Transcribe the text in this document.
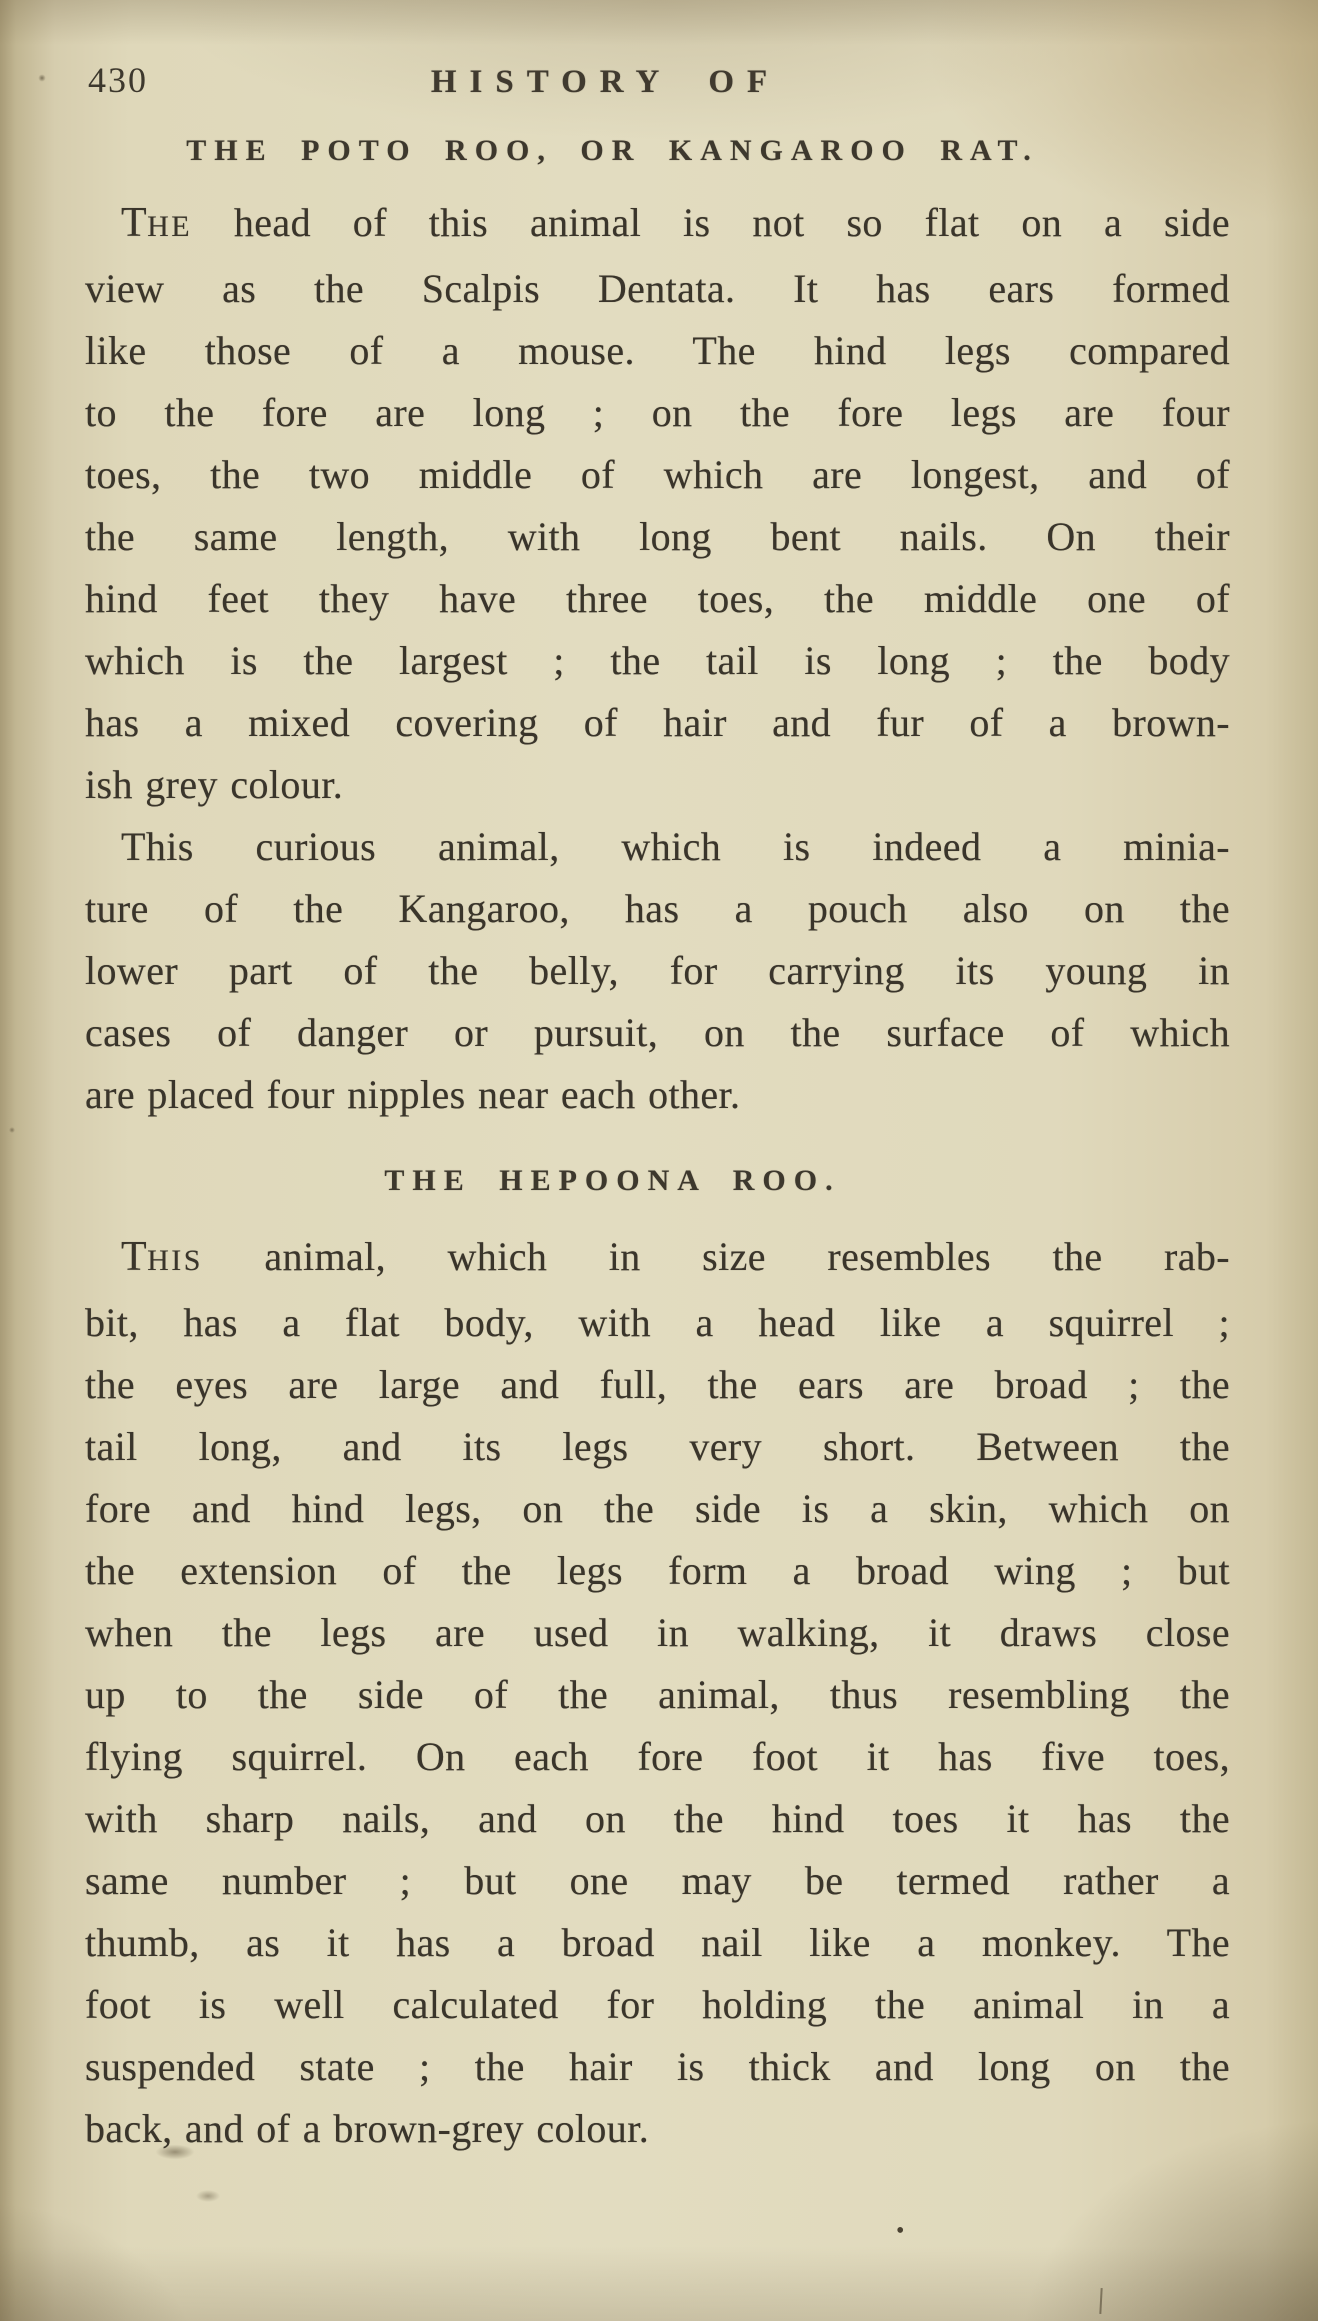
430	HISTORY OF
THE POTO ROO, OR KANGAROO RAT.
THE head of this animal is not so flat on a side
view as the Scalpis Dentata. It has ears formed
like those of a mouse. The hind legs compared
to the fore are long ; on the fore legs are four
toes, the two middle of which are longest, and of
the same length, with long bent nails. On their
hind feet they have three toes, the middle one of
which is the largest ; the tail is long ; the body
has a mixed covering of hair and fur of a brown-
ish grey colour.
This curious animal, which is indeed a minia-
ture of the Kangaroo, has a pouch also on the
lower part of the belly, for carrying its young in
cases of danger or pursuit, on the surface of which
are placed four nipples near each other.
THE HEPOONA ROO.
THIS animal, which in size resembles the rab-
bit, has a flat body, with a head like a squirrel ;
the eyes are large and full, the ears are broad ; the
tail long, and its legs very short. Between the
fore and hind legs, on the side is a skin, which on
the extension of the legs form a broad wing ; but
when the legs are used in walking, it draws close
up to the side of the animal, thus resembling the
flying squirrel. On each fore foot it has five toes,
with sharp nails, and on the hind toes it has the
same number ; but one may be termed rather a
thumb, as it has a broad nail like a monkey. The
foot is well calculated for holding the animal in a
suspended state ; the hair is thick and long on the
back, and of a brown-grey colour.
•
